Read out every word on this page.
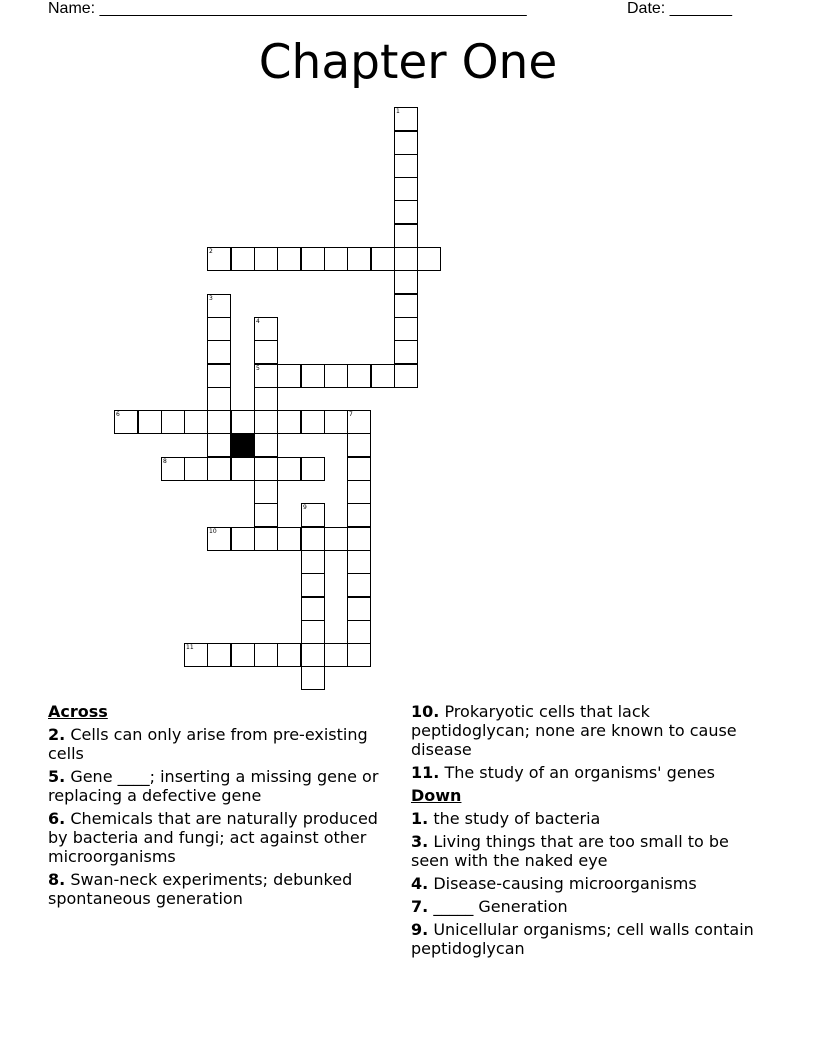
Name: ________________________________________________	Date: _______
Chapter One
1
2
3
4
5
6	7
8
10
9
11
Across
2. Cells can only arise from pre-existing cells
5. Gene ____; inserting a missing gene or replacing a defective gene
6. Chemicals that are naturally produced by bacteria and fungi; act against other microorganisms
8. Swan-neck experiments; debunked spontaneous generation
10. Prokaryotic cells that lack peptidoglycan; none are known to cause disease
11. The study of an organisms' genes
Down
1. the study of bacteria
3. Living things that are too small to be seen with the naked eye
4. Disease-causing microorganisms
7. _____ Generation
9. Unicellular organisms; cell walls contain peptidoglycan
